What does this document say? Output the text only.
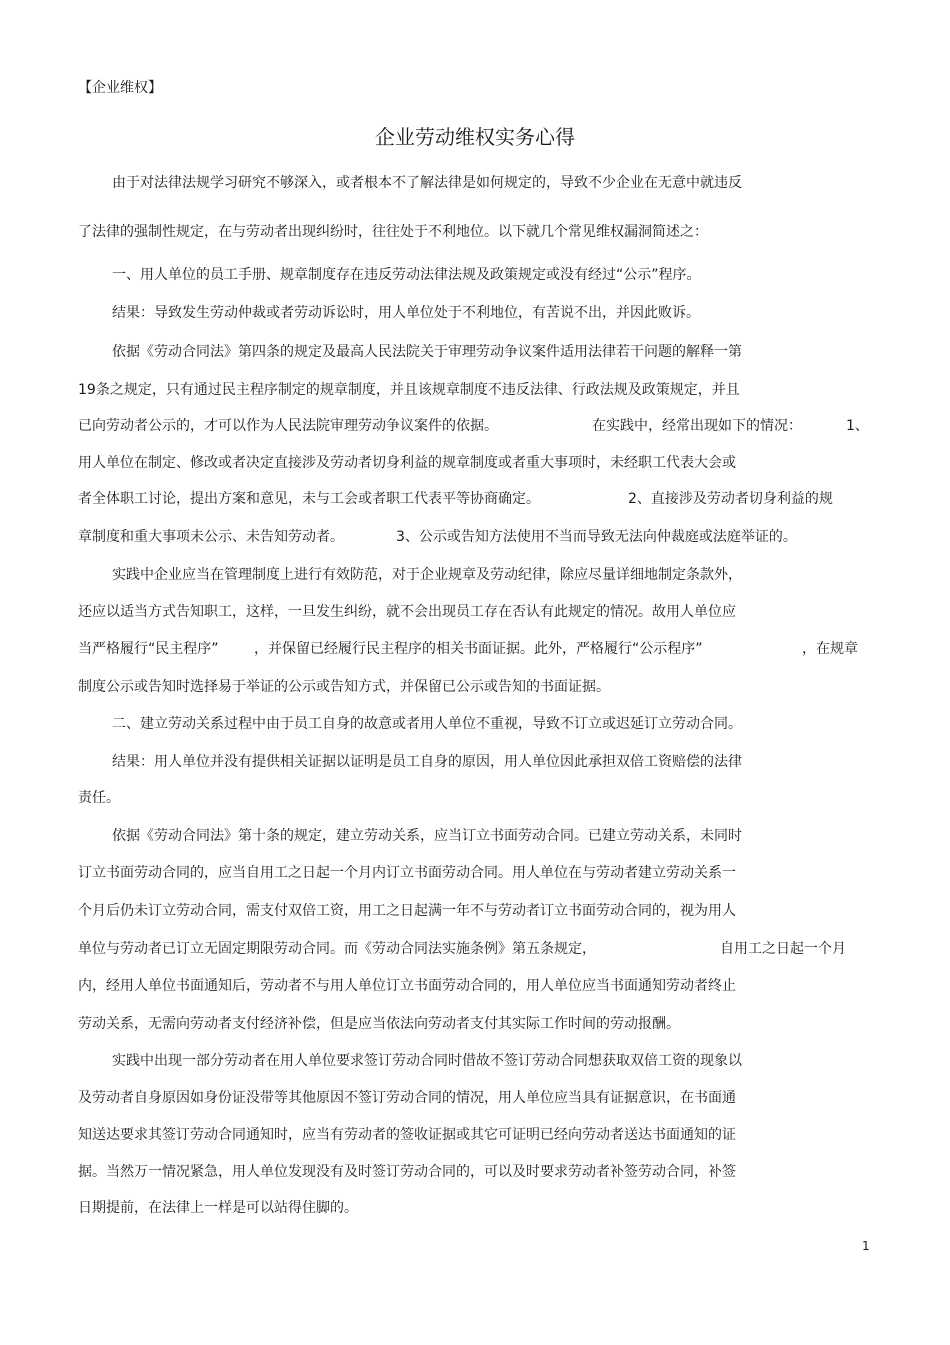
【企业维权】
企业劳动维权实务心得
由于对法律法规学习研究不够深入，或者根本不了解法律是如何规定的，导致不少企业在无意中就违反
了法律的强制性规定，在与劳动者出现纠纷时，往往处于不利地位。以下就几个常见维权漏洞简述之：
一、用人单位的员工手册、规章制度存在违反劳动法律法规及政策规定或没有经过“公示”程序。
结果：导致发生劳动仲裁或者劳动诉讼时，用人单位处于不利地位，有苦说不出，并因此败诉。
依据《劳动合同法》第四条的规定及最高人民法院关于审理劳动争议案件适用法律若干问题的解释一第
19条之规定，只有通过民主程序制定的规章制度，并且该规章制度不违反法律、行政法规及政策规定，并且
已向劳动者公示的，才可以作为人民法院审理劳动争议案件的依据。	在实践中，经常出现如下的情况：	1、
用人单位在制定、修改或者决定直接涉及劳动者切身利益的规章制度或者重大事项时，未经职工代表大会或
者全体职工讨论，提出方案和意见，未与工会或者职工代表平等协商确定。	2、直接涉及劳动者切身利益的规
章制度和重大事项未公示、未告知劳动者。	3、公示或告知方法使用不当而导致无法向仲裁庭或法庭举证的。
实践中企业应当在管理制度上进行有效防范，对于企业规章及劳动纪律，除应尽量详细地制定条款外，
还应以适当方式告知职工，这样，一旦发生纠纷，就不会出现员工存在否认有此规定的情况。故用人单位应
当严格履行“民主程序”	，并保留已经履行民主程序的相关书面证据。此外，严格履行“公示程序”	，在规章
制度公示或告知时选择易于举证的公示或告知方式，并保留已公示或告知的书面证据。
二、建立劳动关系过程中由于员工自身的故意或者用人单位不重视，导致不订立或迟延订立劳动合同。
结果：用人单位并没有提供相关证据以证明是员工自身的原因，用人单位因此承担双倍工资赔偿的法律
责任。
依据《劳动合同法》第十条的规定，建立劳动关系，应当订立书面劳动合同。已建立劳动关系，未同时
订立书面劳动合同的，应当自用工之日起一个月内订立书面劳动合同。用人单位在与劳动者建立劳动关系一
个月后仍未订立劳动合同，需支付双倍工资，用工之日起满一年不与劳动者订立书面劳动合同的，视为用人
单位与劳动者已订立无固定期限劳动合同。而《劳动合同法实施条例》第五条规定，	自用工之日起一个月
内，经用人单位书面通知后，劳动者不与用人单位订立书面劳动合同的，用人单位应当书面通知劳动者终止
劳动关系，无需向劳动者支付经济补偿，但是应当依法向劳动者支付其实际工作时间的劳动报酬。
实践中出现一部分劳动者在用人单位要求签订劳动合同时借故不签订劳动合同想获取双倍工资的现象以
及劳动者自身原因如身份证没带等其他原因不签订劳动合同的情况，用人单位应当具有证据意识，在书面通
知送达要求其签订劳动合同通知时，应当有劳动者的签收证据或其它可证明已经向劳动者送达书面通知的证
据。当然万一情况紧急，用人单位发现没有及时签订劳动合同的，可以及时要求劳动者补签劳动合同，补签
日期提前，在法律上一样是可以站得住脚的。
1
